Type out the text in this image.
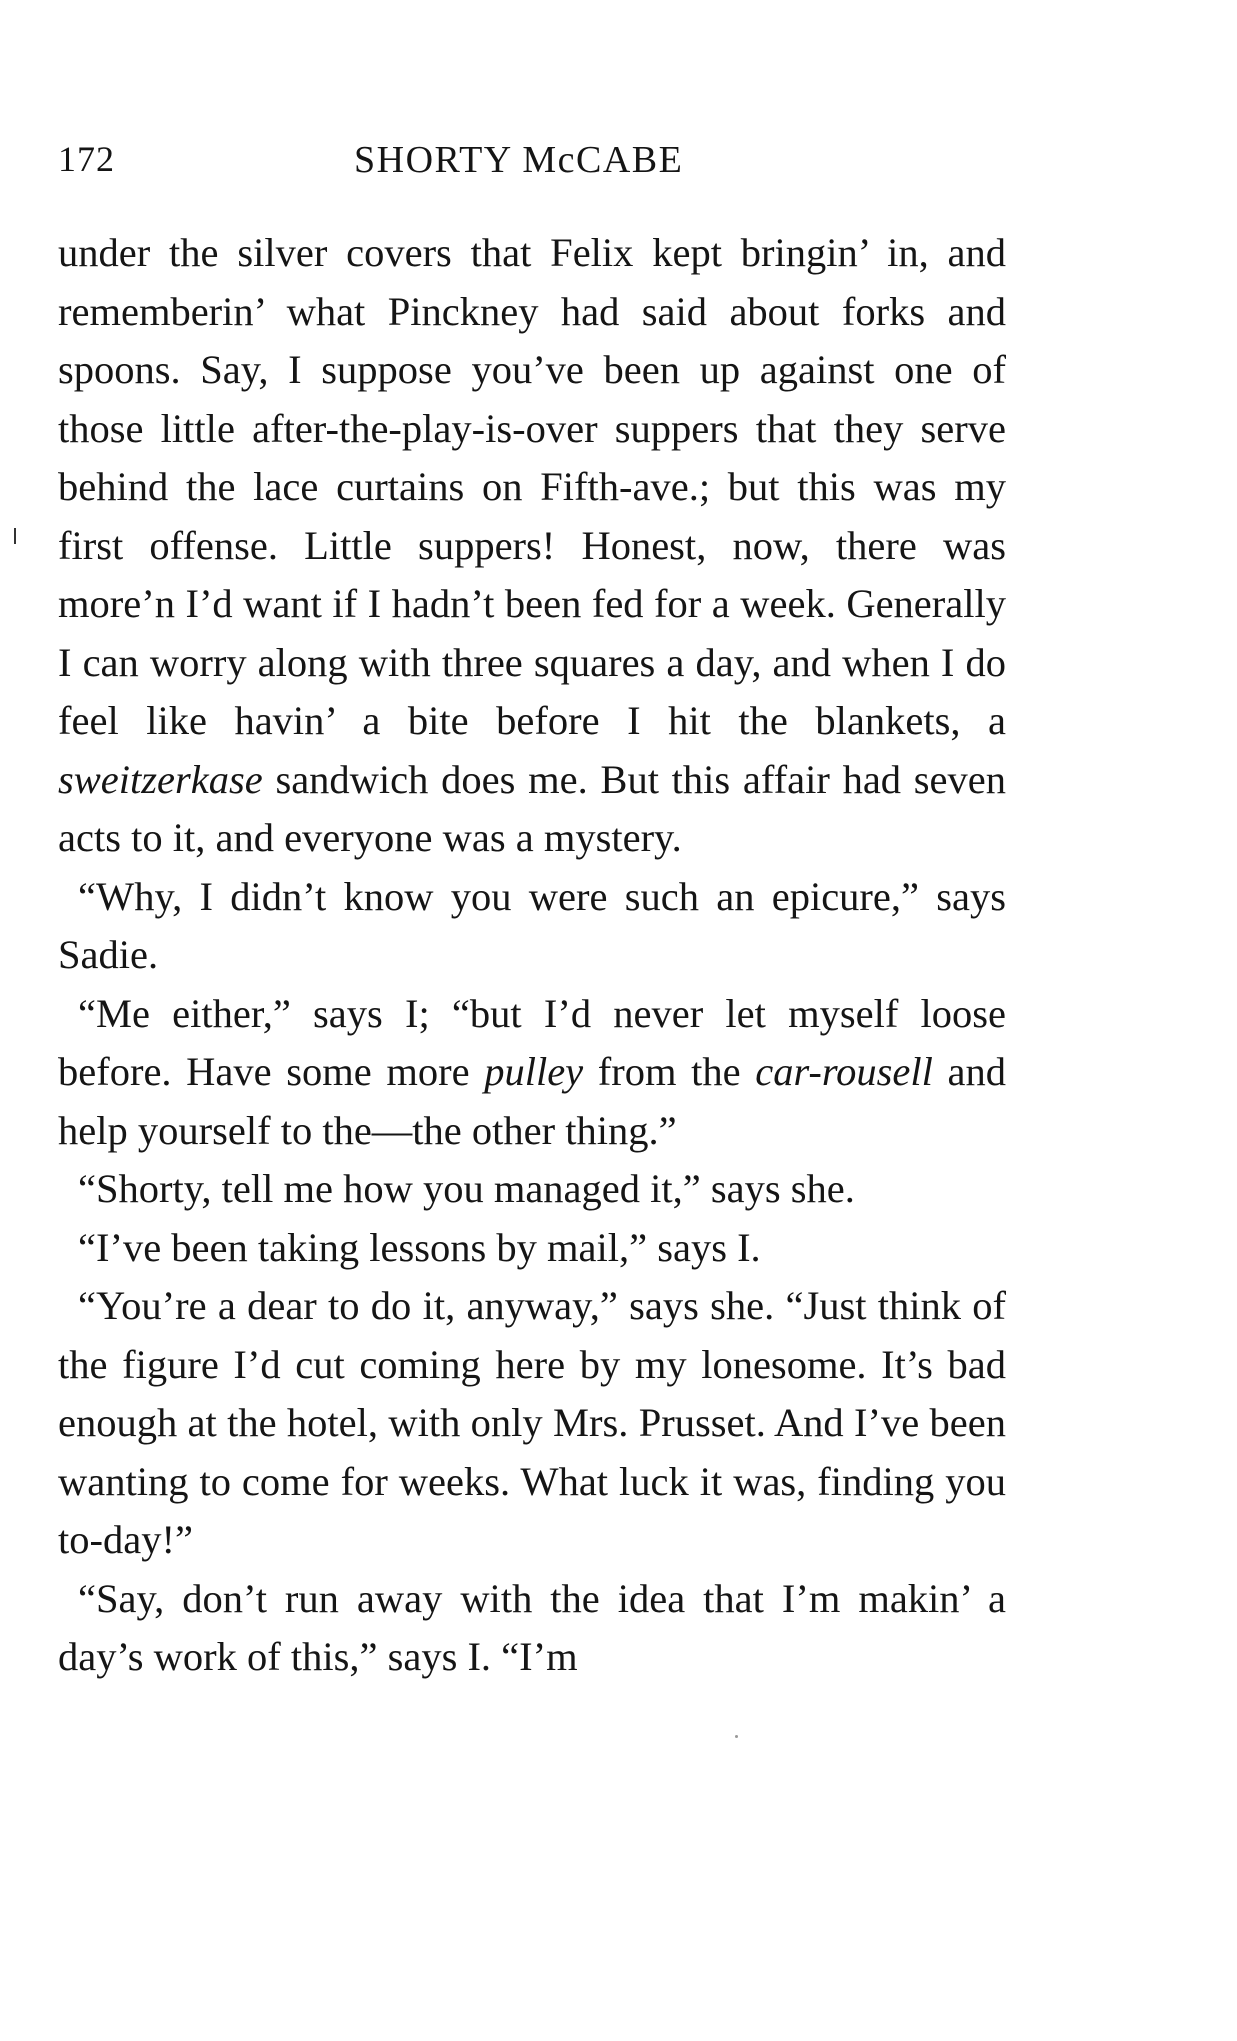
172	SHORTY McCABE

under the silver covers that Felix kept bringin’ in, and rememberin’ what Pinckney had said about forks and spoons. Say, I suppose you’ve been up against one of those little after-the-play-is-over suppers that they serve behind the lace curtains on Fifth-ave.; but this was my first offense. Little suppers! Honest, now, there was more’n I’d want if I hadn’t been fed for a week. Generally I can worry along with three squares a day, and when I do feel like havin’ a bite before I hit the blankets, a sweitzerkase sandwich does me. But this affair had seven acts to it, and everyone was a mystery.

“Why, I didn’t know you were such an epicure,” says Sadie.

“Me either,” says I; “but I’d never let myself loose before. Have some more pulley from the car-rousell and help yourself to the—the other thing.”

“Shorty, tell me how you managed it,” says she.

“I’ve been taking lessons by mail,” says I.

“You’re a dear to do it, anyway,” says she. “Just think of the figure I’d cut coming here by my lonesome. It’s bad enough at the hotel, with only Mrs. Prusset. And I’ve been wanting to come for weeks. What luck it was, finding you to-day!”

“Say, don’t run away with the idea that I’m makin’ a day’s work of this,” says I. “I’m
